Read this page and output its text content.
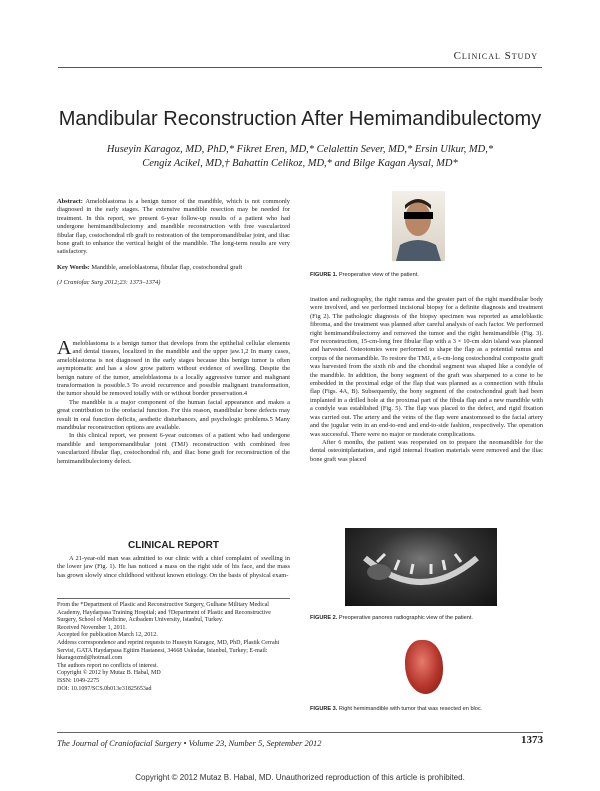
Clinical Study
Mandibular Reconstruction After Hemimandibulectomy
Huseyin Karagoz, MD, PhD,* Fikret Eren, MD,* Celalettin Sever, MD,* Ersin Ulkur, MD,*
Cengiz Acikel, MD,† Bahattin Celikoz, MD,* and Bilge Kagan Aysal, MD*

Abstract: Ameloblastoma is a benign tumor of the mandible, which is not commonly diagnosed in the early stages. The extensive mandible resection may be needed for treatment. In this report, we present 6-year follow-up results of a patient who had undergone hemimandibulectomy and mandible reconstruction with free vascularized fibular flap, costochondral rib graft to restoration of the temporomandibular joint, and iliac bone graft to enhance the vertical height of the mandible. The long-term results are very satisfactory.

Key Words: Mandible, ameloblastoma, fibular flap, costochondral graft

(J Craniofac Surg 2012;23: 1373–1374)

Ameloblastoma is a benign tumor that develops from the epithelial cellular elements and dental tissues, localized in the mandible and the upper jaw.1,2 In many cases, ameloblastoma is not diagnosed in the early stages because this benign tumor is often asymptomatic and has a slow grow pattern without evidence of swelling. Despite the benign nature of the tumor, ameloblastoma is a locally aggressive tumor and malignant transformation is possible.3 To avoid recurrence and possible malignant transformation, the tumor should be removed totally with or without border preservation.4

The mandible is a major component of the human facial appearance and makes a great contribution to the orofacial function. For this reason, mandibular bone defects may result in oral function deficits, aesthetic disturbances, and psychologic problems.5 Many mandibular reconstruction options are available.

In this clinical report, we present 6-year outcomes of a patient who had undergone mandible and temporomandibular joint (TMJ) reconstruction with combined free vascularized fibular flap, costochondral rib, and iliac bone graft for reconstruction of the hemimandibulectomy defect.

CLINICAL REPORT

A 21-year-old man was admitted to our clinic with a chief complaint of swelling in the lower jaw (Fig. 1). He has noticed a mass on the right side of his face, and the mass has grown slowly since childhood without known etiology. On the basis of physical exam-

From the *Department of Plastic and Reconstructive Surgery, Gulhane Military Medical Academy, Haydarpasa Training Hospital; and †Department of Plastic and Reconstructive Surgery, School of Medicine, Acibadem University, Istanbul, Turkey.
Received November 1, 2011.
Accepted for publication March 12, 2012.
Address correspondence and reprint requests to Huseyin Karagoz, MD, PhD, Plastik Cerrahi Servisi, GATA Haydarpasa Egitim Hastanesi, 34668 Uskudar, Istanbul, Turkey; E-mail: hkaragozmd@hotmail.com
The authors report no conflicts of interest.
Copyright © 2012 by Mutaz B. Habal, MD
ISSN: 1049-2275
DOI: 10.1097/SCS.0b013e31825653ad
FIGURE 1. Preoperative view of the patient.

ination and radiography, the right ramus and the greater part of the right mandibular body were involved, and we performed incisional biopsy for a definite diagnosis and treatment (Fig 2). The pathologic diagnosis of the biopsy specimen was reported as ameloblastic fibroma, and the treatment was planned after careful analysis of each factor. We performed right hemimandibulectomy and removed the tumor and the right hemimandible (Fig. 3). For reconstruction, 15-cm-long free fibular flap with a 3 × 10-cm skin island was planned and harvested. Osteotomies were performed to shape the flap as a potential ramus and corpus of the neomandible. To restore the TMJ, a 6-cm-long costochondral composite graft was harvested from the sixth rib and the chondral segment was shaped like a condyle of the mandible. In addition, the bony segment of the graft was sharpened to a cone to be embedded in the proximal edge of the flap that was planned as a connection with fibula flap (Figs. 4A, B). Subsequently, the bony segment of the costochondral graft had been implanted in a drilled hole at the proximal part of the fibula flap and a new mandible with a condyle was established (Fig. 5). The flap was placed to the defect, and rigid fixation was carried out. The artery and the veins of the flap were anastomosed to the facial artery and the jugular vein in an end-to-end and end-to-side fashion, respectively. The operation was successful. There were no major or moderate complications.

After 6 months, the patient was reoperated on to prepare the neomandible for the dental osteointplantation, and rigid internal fixation materials were removed and the iliac bone graft was placed

FIGURE 2. Preoperative panorex radiographic view of the patient.
FIGURE 3. Right hemimandible with tumor that was resected en bloc.
The Journal of Craniofacial Surgery • Volume 23, Number 5, September 2012	1373
Copyright © 2012 Mutaz B. Habal, MD. Unauthorized reproduction of this article is prohibited.
